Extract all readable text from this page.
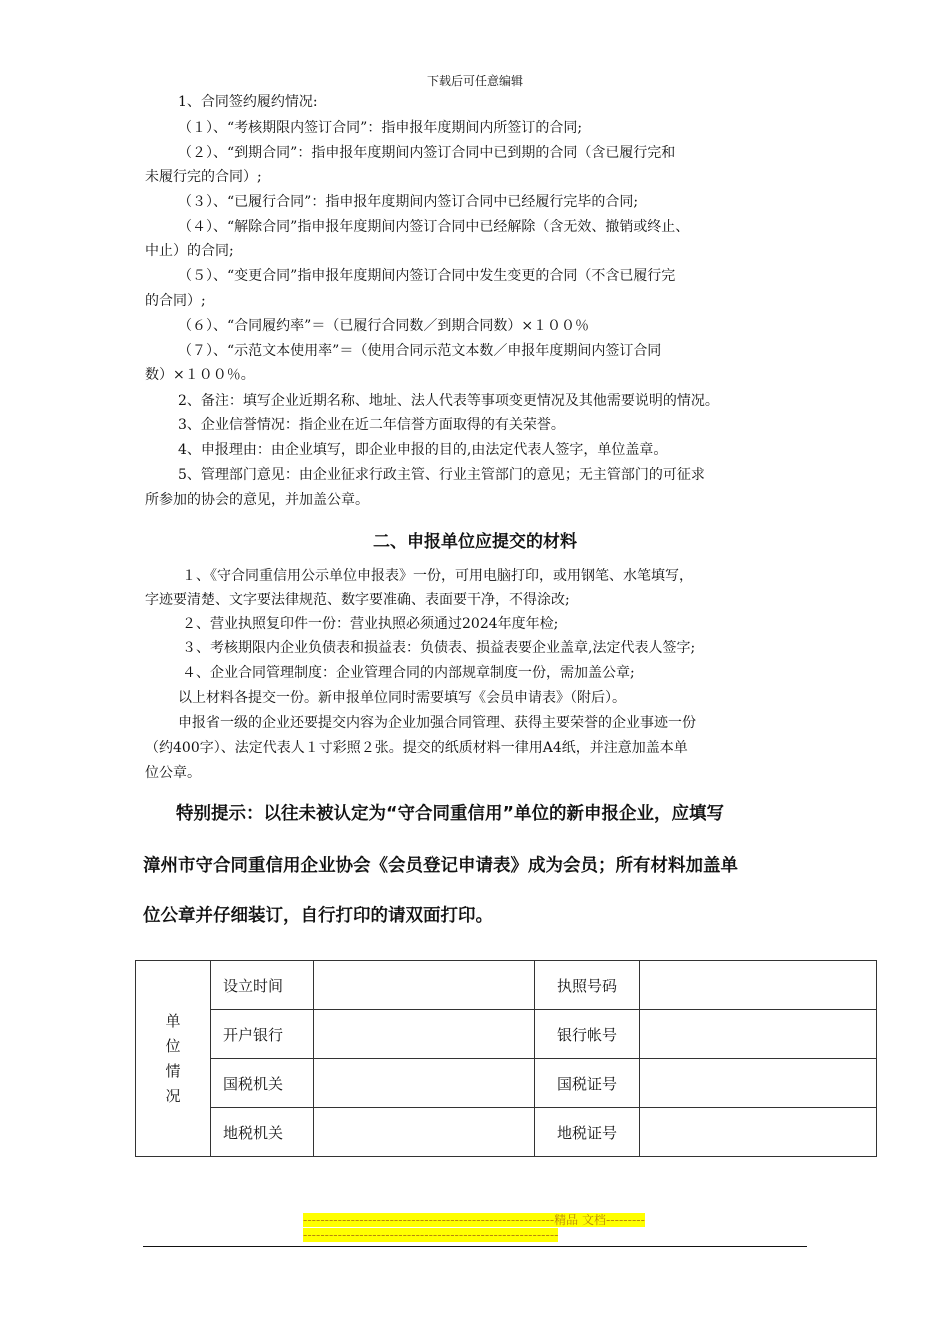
下载后可任意编辑
1、合同签约履约情况:
（１）、“考核期限内签订合同”：指申报年度期间内所签订的合同;
（２）、“到期合同”：指申报年度期间内签订合同中已到期的合同（含已履行完和
未履行完的合同）;
（３）、“已履行合同”：指申报年度期间内签订合同中已经履行完毕的合同;
（４）、“解除合同”指申报年度期间内签订合同中已经解除（含无效、撤销或终止、
中止）的合同;
（５）、“变更合同”指申报年度期间内签订合同中发生变更的合同（不含已履行完
的合同）;
（６）、“合同履约率”＝（已履行合同数／到期合同数）×１００％
（７）、“示范文本使用率”＝（使用合同示范文本数／申报年度期间内签订合同
数）×１００％。
2、备注：填写企业近期名称、地址、法人代表等事项变更情况及其他需要说明的情况。
3、企业信誉情况：指企业在近二年信誉方面取得的有关荣誉。
4、申报理由：由企业填写，即企业申报的目的,由法定代表人签字，单位盖章。
5、管理部门意见：由企业征求行政主管、行业主管部门的意见；无主管部门的可征求
所参加的协会的意见，并加盖公章。
二、申报单位应提交的材料
１、《守合同重信用公示单位申报表》一份，可用电脑打印，或用钢笔、水笔填写，
字迹要清楚、文字要法律规范、数字要准确、表面要干净，不得涂改;
２、营业执照复印件一份：营业执照必须通过2024年度年检;
３、考核期限内企业负债表和损益表：负债表、损益表要企业盖章,法定代表人签字;
４、企业合同管理制度：企业管理合同的内部规章制度一份，需加盖公章;
以上材料各提交一份。新申报单位同时需要填写《会员申请表》（附后）。
申报省一级的企业还要提交内容为企业加强合同管理、获得主要荣誉的企业事迹一份
（约400字）、法定代表人１寸彩照２张。提交的纸质材料一律用A4纸，并注意加盖本单
位公章。
特别提示：以往未被认定为“守合同重信用”单位的新申报企业，应填写
漳州市守合同重信用企业协会《会员登记申请表》成为会员；所有材料加盖单
位公章并仔细装订，自行打印的请双面打印。
单
位
情
况	设立时间		执照号码	
	开户银行		银行帐号	
	国税机关		国税证号	
	地税机关		地税证号	
----------------------------------------------------------精品 文档--------------------------------------------------------------------
